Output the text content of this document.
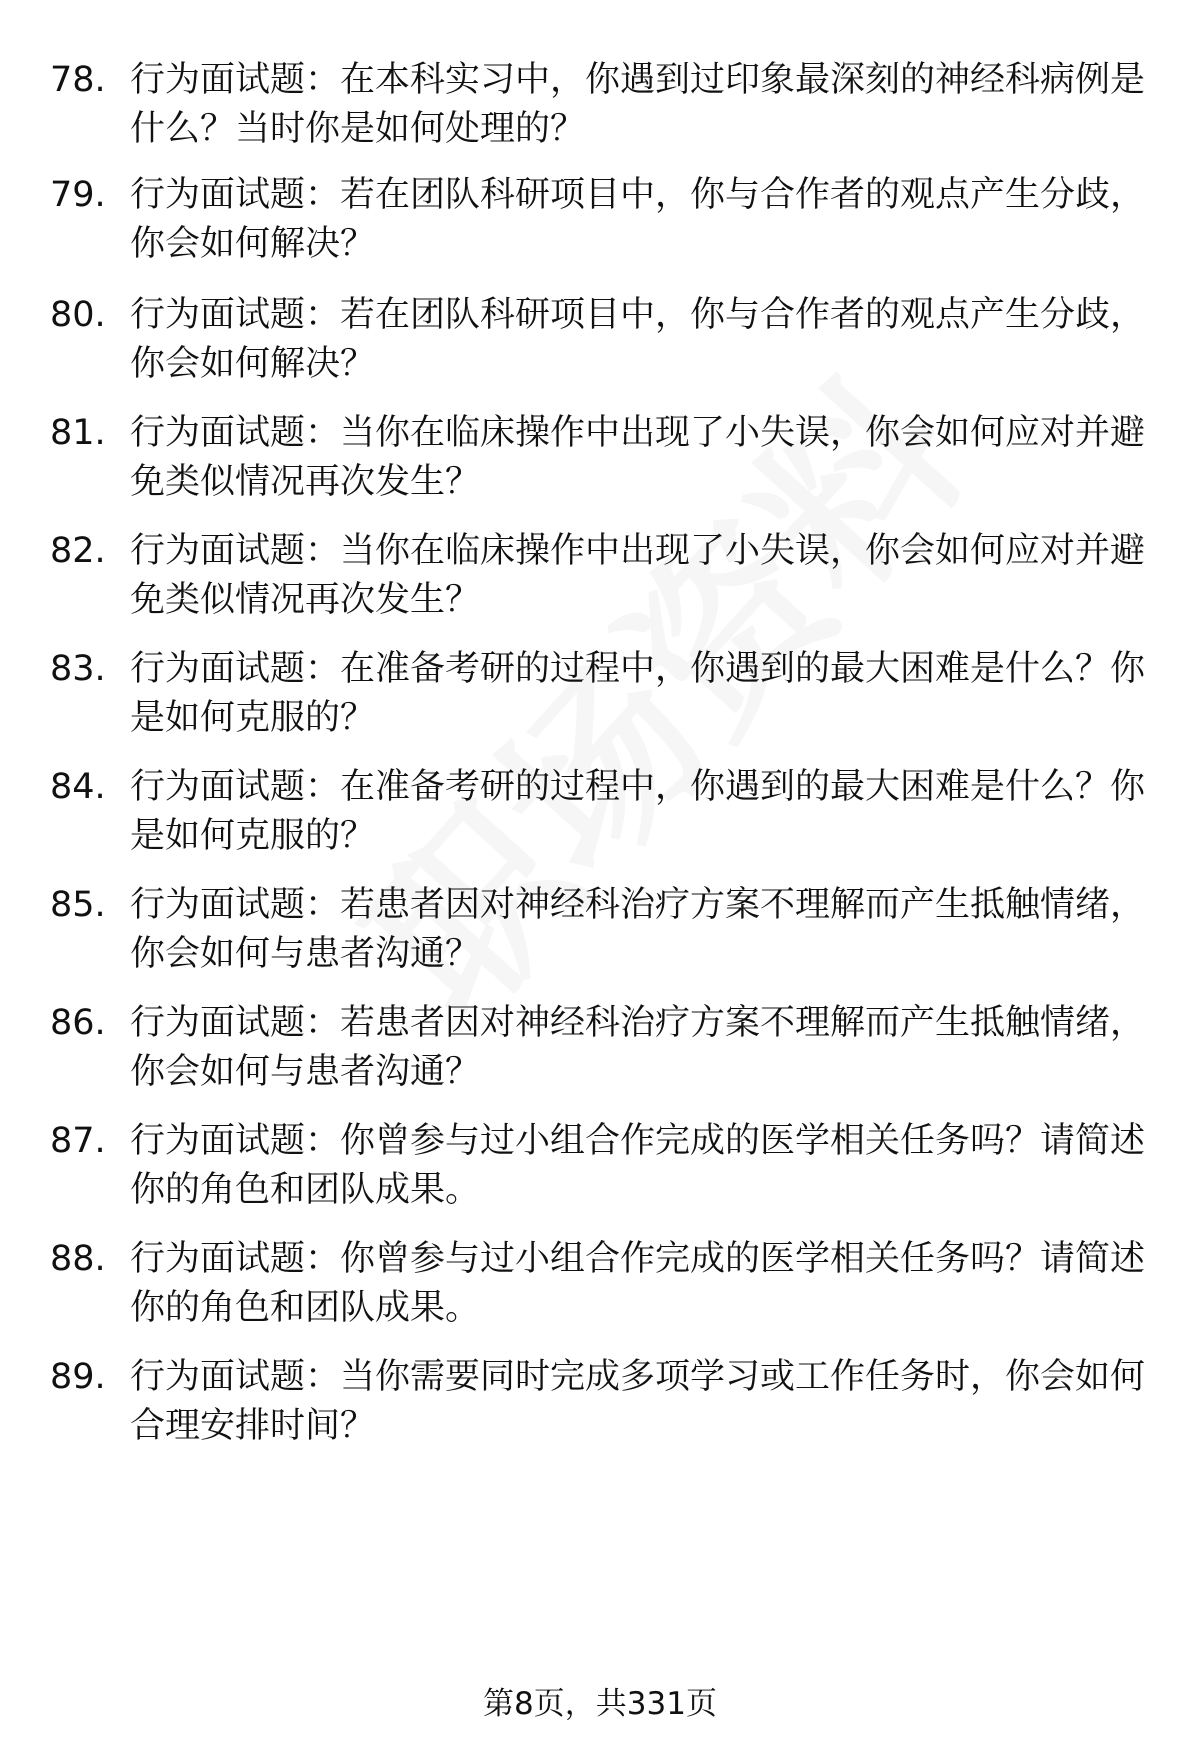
78. 行为面试题：在本科实习中，你遇到过印象最深刻的神经科病例是什么？当时你是如何处理的？
79. 行为面试题：若在团队科研项目中，你与合作者的观点产生分歧，你会如何解决？
80. 行为面试题：若在团队科研项目中，你与合作者的观点产生分歧，你会如何解决？
81. 行为面试题：当你在临床操作中出现了小失误，你会如何应对并避免类似情况再次发生？
82. 行为面试题：当你在临床操作中出现了小失误，你会如何应对并避免类似情况再次发生？
83. 行为面试题：在准备考研的过程中，你遇到的最大困难是什么？你是如何克服的？
84. 行为面试题：在准备考研的过程中，你遇到的最大困难是什么？你是如何克服的？
85. 行为面试题：若患者因对神经科治疗方案不理解而产生抵触情绪，你会如何与患者沟通？
86. 行为面试题：若患者因对神经科治疗方案不理解而产生抵触情绪，你会如何与患者沟通？
87. 行为面试题：你曾参与过小组合作完成的医学相关任务吗？请简述你的角色和团队成果。
88. 行为面试题：你曾参与过小组合作完成的医学相关任务吗？请简述你的角色和团队成果。
89. 行为面试题：当你需要同时完成多项学习或工作任务时，你会如何合理安排时间？
第8页，共331页
